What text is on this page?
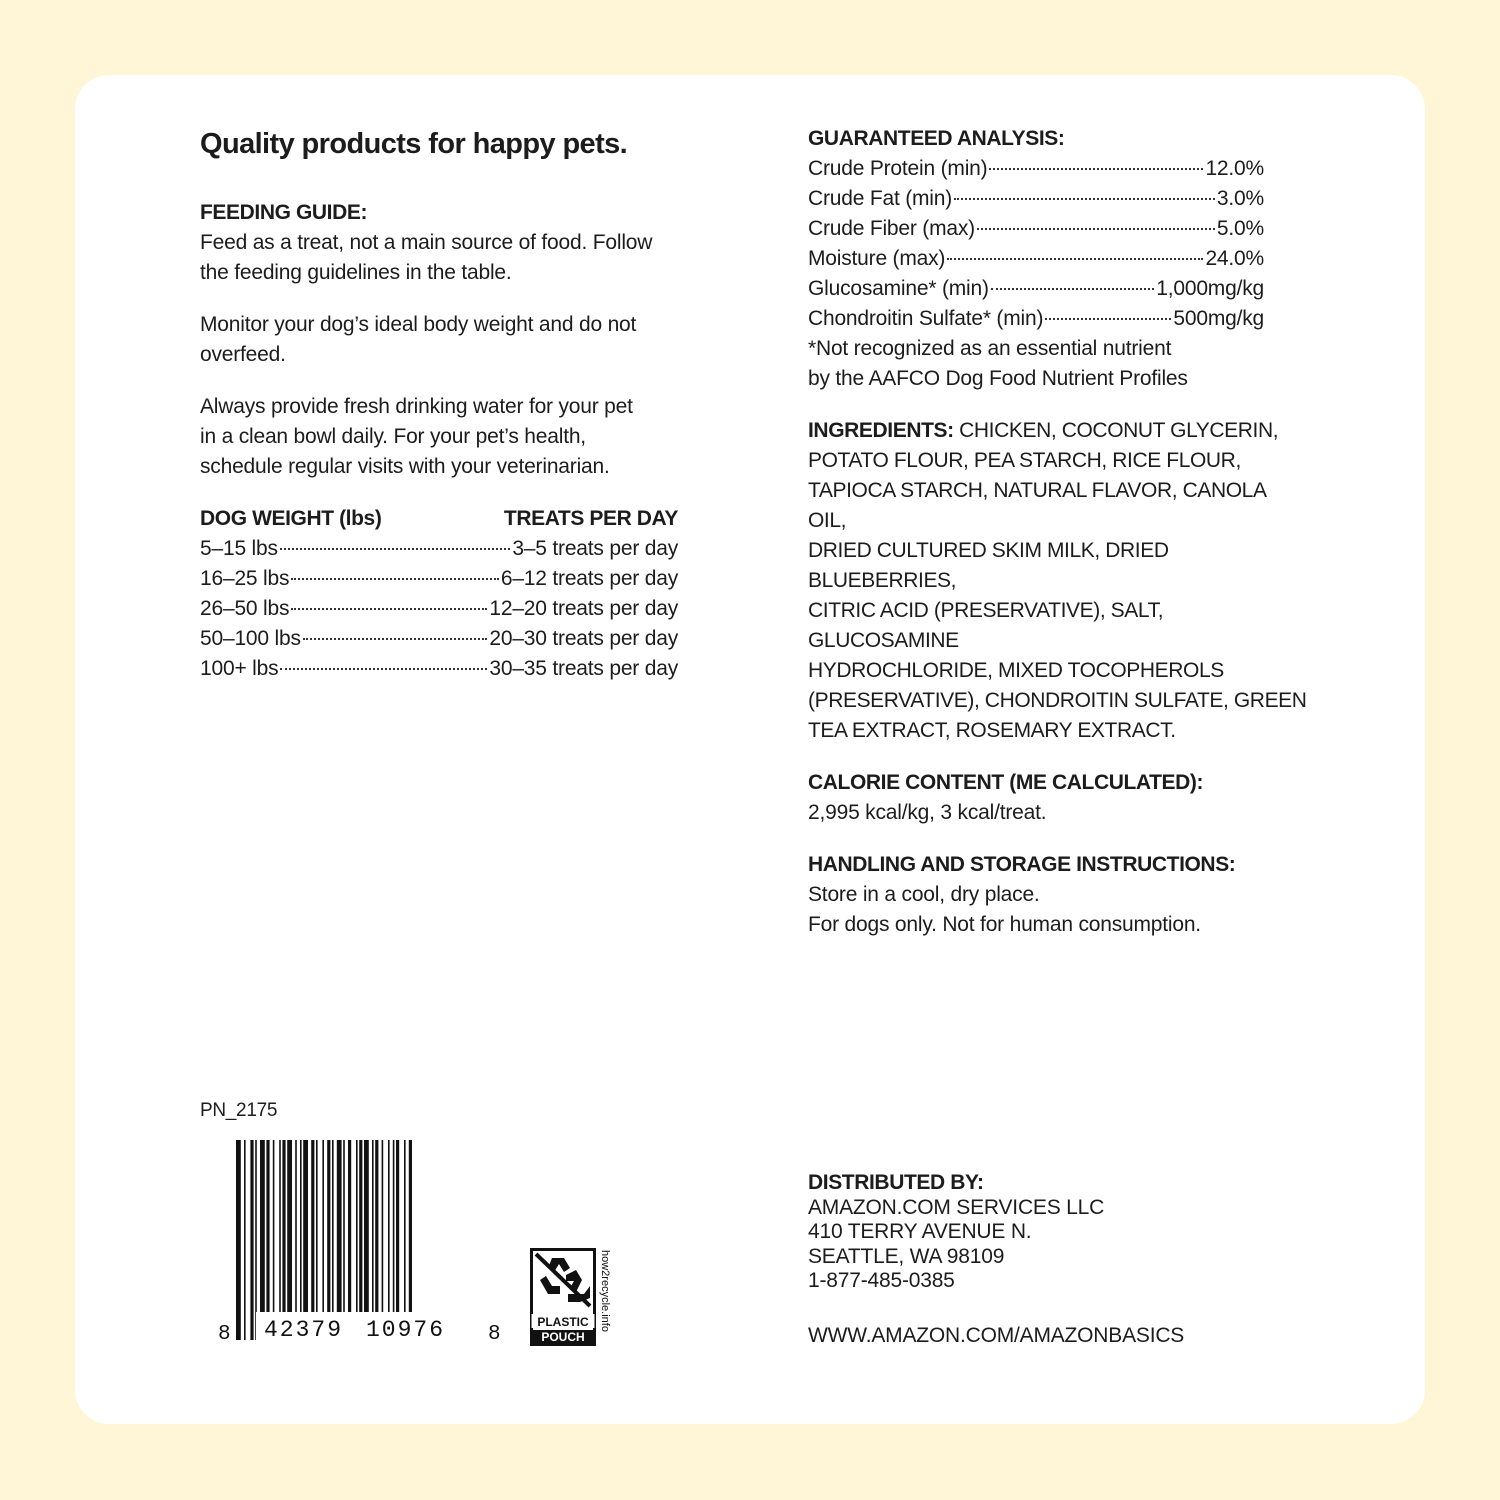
Quality products for happy pets.
FEEDING GUIDE:
Feed as a treat, not a main source of food. Follow
the feeding guidelines in the table.
Monitor your dog’s ideal body weight and do not
overfeed.
Always provide fresh drinking water for your pet
in a clean bowl daily. For your pet’s health,
schedule regular visits with your veterinarian.
DOG WEIGHT (lbs)	TREATS PER DAY
5–15 lbs	3–5 treats per day
16–25 lbs	6–12 treats per day
26–50 lbs	12–20 treats per day
50–100 lbs	20–30 treats per day
100+ lbs	30–35 treats per day
GUARANTEED ANALYSIS:
Crude Protein (min)	12.0%
Crude Fat (min)	3.0%
Crude Fiber (max)	5.0%
Moisture (max)	24.0%
Glucosamine* (min)	1,000mg/kg
Chondroitin Sulfate* (min)	500mg/kg
*Not recognized as an essential nutrient
by the AAFCO Dog Food Nutrient Profiles
INGREDIENTS: CHICKEN, COCONUT GLYCERIN,
POTATO FLOUR, PEA STARCH, RICE FLOUR,
TAPIOCA STARCH, NATURAL FLAVOR, CANOLA OIL,
DRIED CULTURED SKIM MILK, DRIED BLUEBERRIES,
CITRIC ACID (PRESERVATIVE), SALT, GLUCOSAMINE
HYDROCHLORIDE, MIXED TOCOPHEROLS
(PRESERVATIVE), CHONDROITIN SULFATE, GREEN
TEA EXTRACT, ROSEMARY EXTRACT.
CALORIE CONTENT (ME CALCULATED):
2,995 kcal/kg, 3 kcal/treat.
HANDLING AND STORAGE INSTRUCTIONS:
Store in a cool, dry place.
For dogs only. Not for human consumption.
PN_2175
8 42379 10976 8
PLASTIC
POUCH
how2recycle.info
DISTRIBUTED BY:
AMAZON.COM SERVICES LLC
410 TERRY AVENUE N.
SEATTLE, WA 98109
1-877-485-0385
WWW.AMAZON.COM/AMAZONBASICS
